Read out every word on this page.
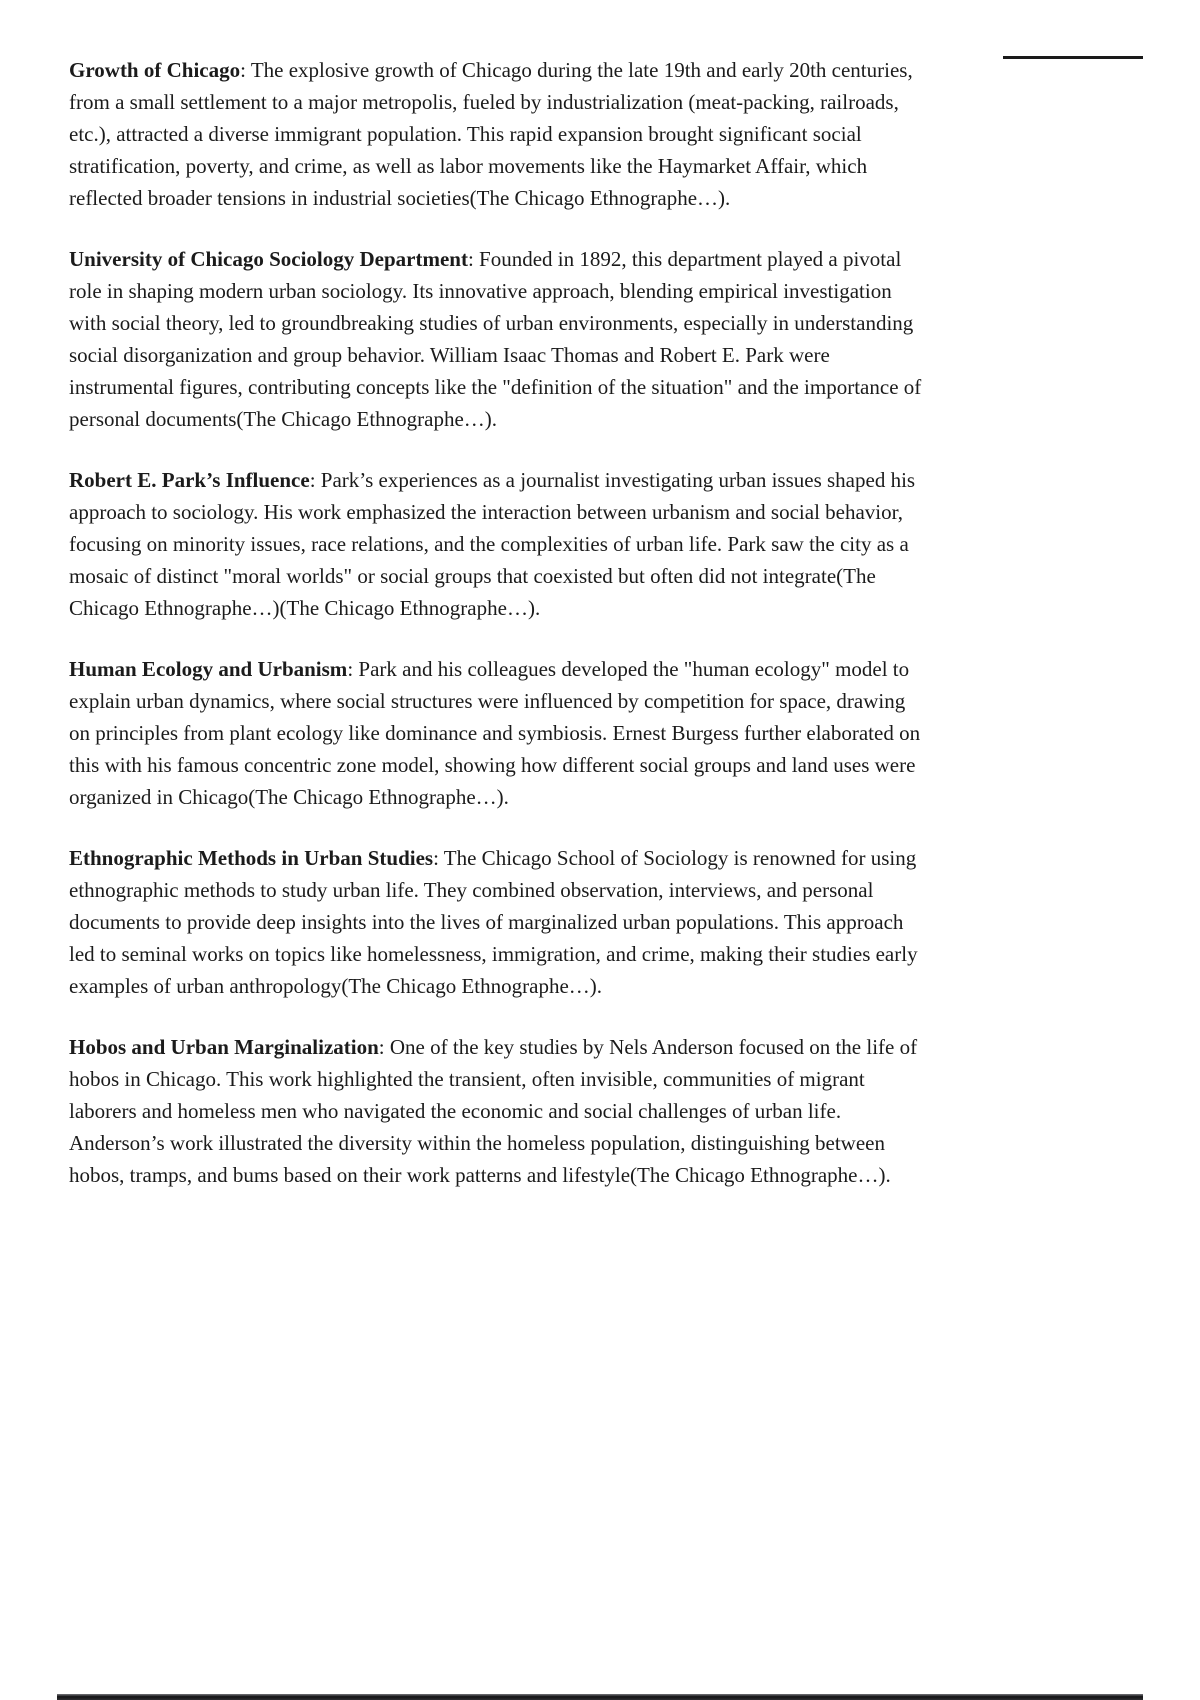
Growth of Chicago: The explosive growth of Chicago during the late 19th and early 20th centuries, from a small settlement to a major metropolis, fueled by industrialization (meat-packing, railroads, etc.), attracted a diverse immigrant population. This rapid expansion brought significant social stratification, poverty, and crime, as well as labor movements like the Haymarket Affair, which reflected broader tensions in industrial societies(The Chicago Ethnographe…).

University of Chicago Sociology Department: Founded in 1892, this department played a pivotal role in shaping modern urban sociology. Its innovative approach, blending empirical investigation with social theory, led to groundbreaking studies of urban environments, especially in understanding social disorganization and group behavior. William Isaac Thomas and Robert E. Park were instrumental figures, contributing concepts like the "definition of the situation" and the importance of personal documents(The Chicago Ethnographe…).

Robert E. Park’s Influence: Park’s experiences as a journalist investigating urban issues shaped his approach to sociology. His work emphasized the interaction between urbanism and social behavior, focusing on minority issues, race relations, and the complexities of urban life. Park saw the city as a mosaic of distinct "moral worlds" or social groups that coexisted but often did not integrate(The Chicago Ethnographe…)(The Chicago Ethnographe…).

Human Ecology and Urbanism: Park and his colleagues developed the "human ecology" model to explain urban dynamics, where social structures were influenced by competition for space, drawing on principles from plant ecology like dominance and symbiosis. Ernest Burgess further elaborated on this with his famous concentric zone model, showing how different social groups and land uses were organized in Chicago(The Chicago Ethnographe…).

Ethnographic Methods in Urban Studies: The Chicago School of Sociology is renowned for using ethnographic methods to study urban life. They combined observation, interviews, and personal documents to provide deep insights into the lives of marginalized urban populations. This approach led to seminal works on topics like homelessness, immigration, and crime, making their studies early examples of urban anthropology(The Chicago Ethnographe…).

Hobos and Urban Marginalization: One of the key studies by Nels Anderson focused on the life of hobos in Chicago. This work highlighted the transient, often invisible, communities of migrant laborers and homeless men who navigated the economic and social challenges of urban life. Anderson’s work illustrated the diversity within the homeless population, distinguishing between hobos, tramps, and bums based on their work patterns and lifestyle(The Chicago Ethnographe…).
